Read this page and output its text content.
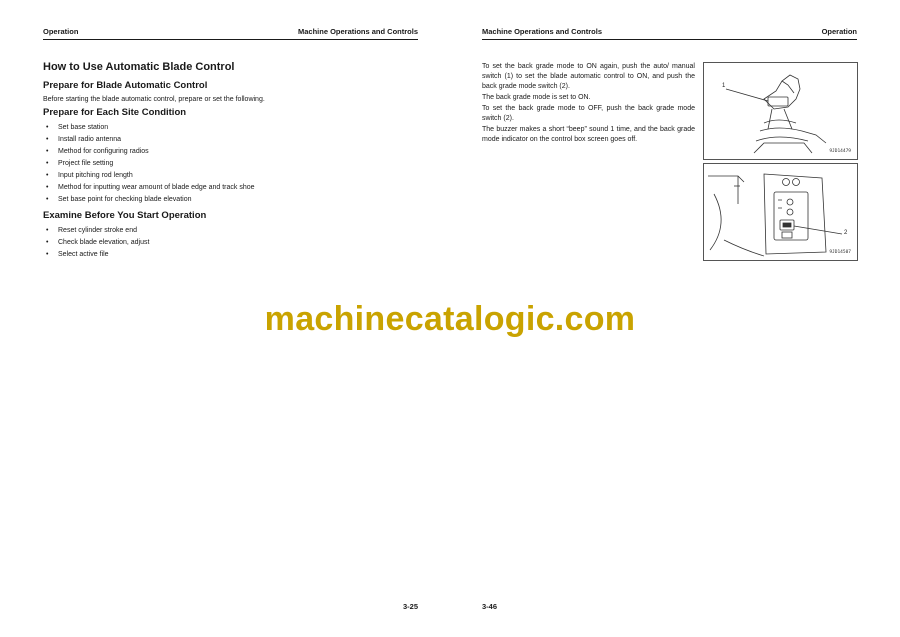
Operation	Machine Operations and Controls
How to Use Automatic Blade Control
Prepare for Blade Automatic Control

Before starting the blade automatic control, prepare or set the following.

Prepare for Each Site Condition
• Set base station
• Install radio antenna
• Method for configuring radios
• Project file setting
• Input pitching rod length
• Method for inputting wear amount of blade edge and track shoe
• Set base point for checking blade elevation
Examine Before You Start Operation
• Reset cylinder stroke end
• Check blade elevation, adjust
• Select active file
3-25
Machine Operations and Controls	Operation

To set the back grade mode to ON again, push the auto/ manual switch (1) to set the blade automatic control to ON, and push the back grade mode switch (2).

The back grade mode is set to ON.

To set the back grade mode to OFF, push the back grade mode switch (2).

The buzzer makes a short “beep” sound 1 time, and the back grade mode indicator on the control box screen goes off.

1
9JD14479
2
9JD14507
3-46
machinecatalogic.com
